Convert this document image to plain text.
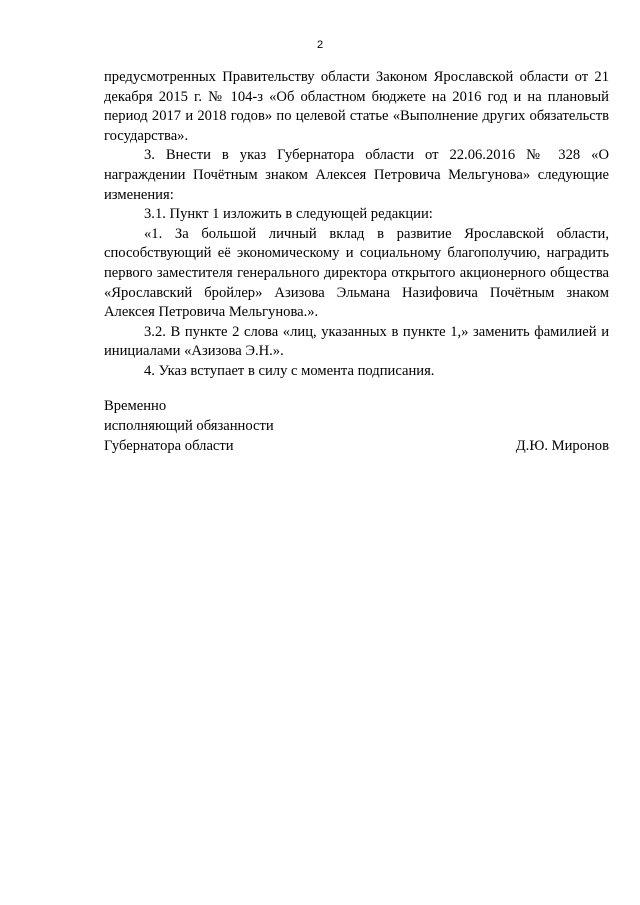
2

предусмотренных Правительству области Законом Ярославской области от 21 декабря 2015 г. № 104-з «Об областном бюджете на 2016 год и на плановый период 2017 и 2018 годов» по целевой статье «Выполнение других обязательств государства».

3. Внести в указ Губернатора области от 22.06.2016 № 328 «О награждении Почётным знаком Алексея Петровича Мельгунова» следующие изменения:

3.1. Пункт 1 изложить в следующей редакции:

«1. За большой личный вклад в развитие Ярославской области, способствующий её экономическому и социальному благополучию, наградить первого заместителя генерального директора открытого акционерного общества «Ярославский бройлер» Азизова Эльмана Назифовича Почётным знаком Алексея Петровича Мельгунова.».

3.2. В пункте 2 слова «лиц, указанных в пункте 1,» заменить фамилией и инициалами «Азизова Э.Н.».

4. Указ вступает в силу с момента подписания.

Временно
исполняющий обязанности
Губернатора области	Д.Ю. Миронов
